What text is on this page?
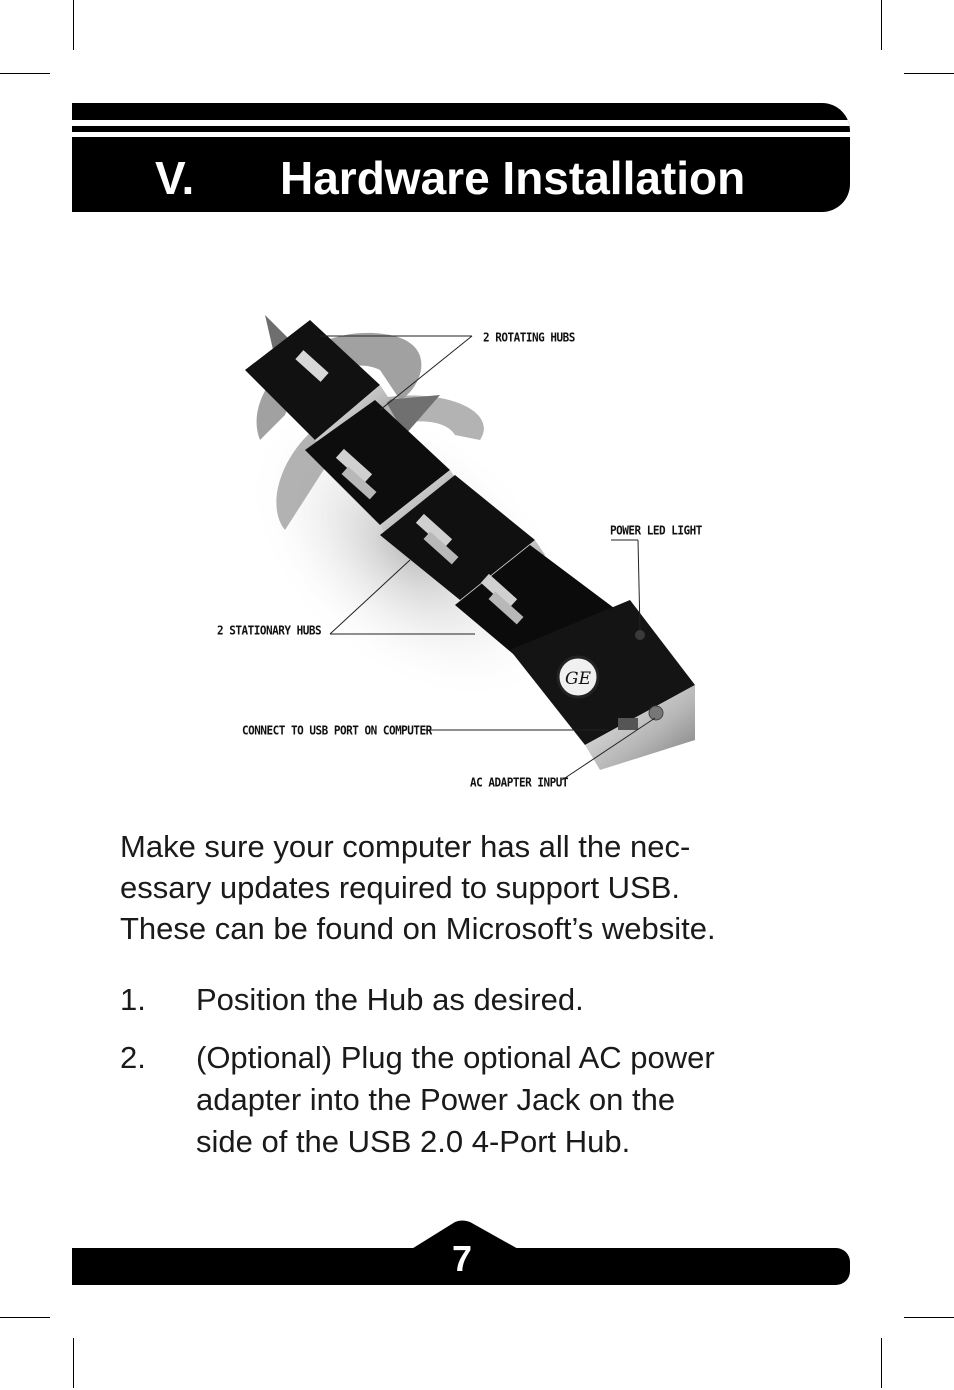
V. Hardware Installation
GE
2 ROTATING HUBS
POWER LED LIGHT
2 STATIONARY HUBS
CONNECT TO USB PORT ON COMPUTER
AC ADAPTER INPUT

Make sure your computer has all the nec-

essary updates required to support USB.

These can be found on Microsoft’s website.

1. Position the Hub as desired.
2. (Optional) Plug the optional AC power
adapter into the Power Jack on the
side of the USB 2.0 4-Port Hub.
7
